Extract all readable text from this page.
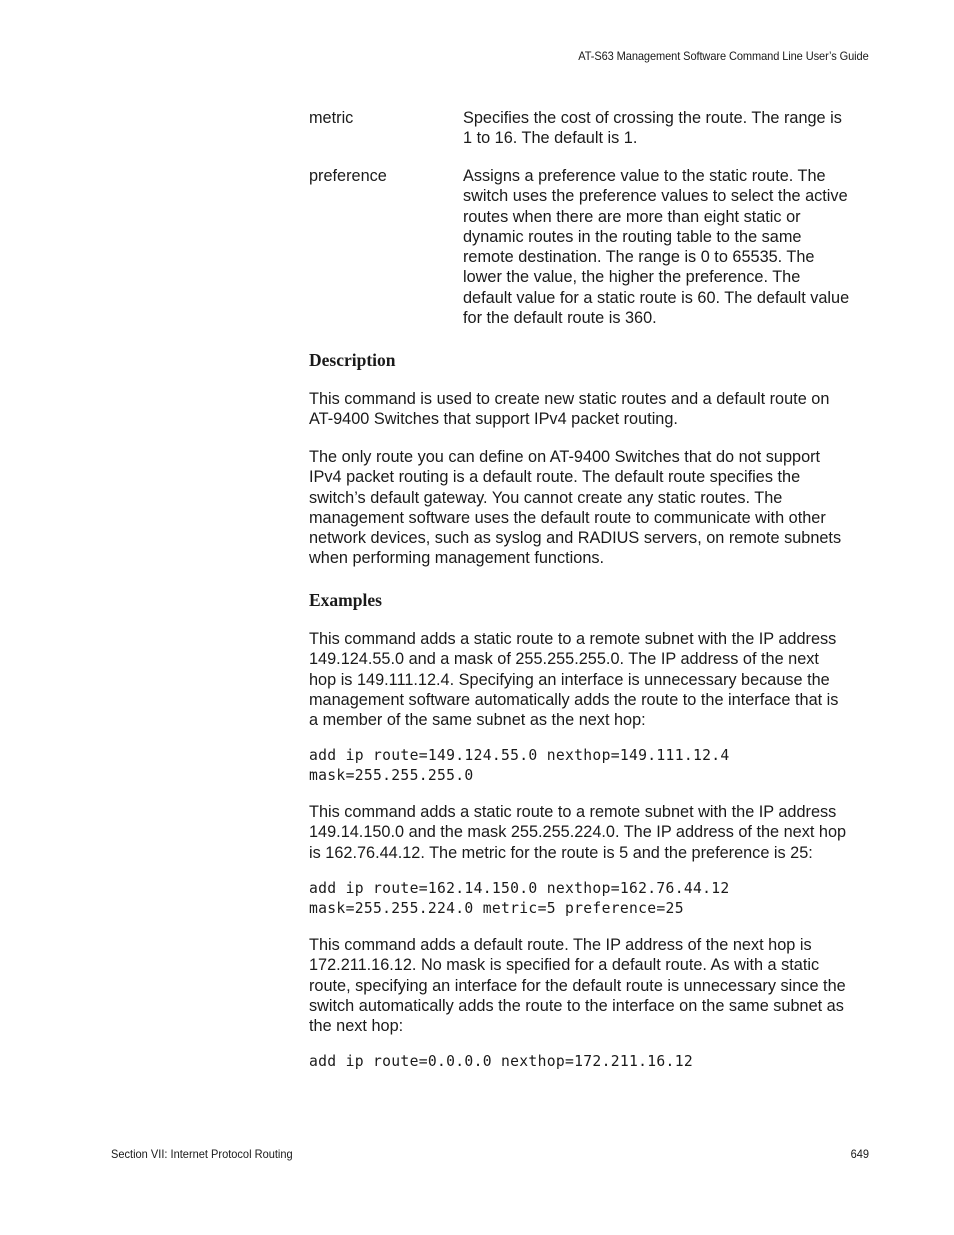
AT-S63 Management Software Command Line User’s Guide
metric	Specifies the cost of crossing the route. The range is
1 to 16. The default is 1.
preference	Assigns a preference value to the static route. The
switch uses the preference values to select the active
routes when there are more than eight static or
dynamic routes in the routing table to the same
remote destination. The range is 0 to 65535. The
lower the value, the higher the preference. The
default value for a static route is 60. The default value
for the default route is 360.
Description
This command is used to create new static routes and a default route on
AT-9400 Switches that support IPv4 packet routing.
The only route you can define on AT-9400 Switches that do not support
IPv4 packet routing is a default route. The default route specifies the
switch’s default gateway. You cannot create any static routes. The
management software uses the default route to communicate with other
network devices, such as syslog and RADIUS servers, on remote subnets
when performing management functions.
Examples
This command adds a static route to a remote subnet with the IP address
149.124.55.0 and a mask of 255.255.255.0. The IP address of the next
hop is 149.111.12.4. Specifying an interface is unnecessary because the
management software automatically adds the route to the interface that is
a member of the same subnet as the next hop:
add ip route=149.124.55.0 nexthop=149.111.12.4
mask=255.255.255.0
This command adds a static route to a remote subnet with the IP address
149.14.150.0 and the mask 255.255.224.0. The IP address of the next hop
is 162.76.44.12. The metric for the route is 5 and the preference is 25:
add ip route=162.14.150.0 nexthop=162.76.44.12
mask=255.255.224.0 metric=5 preference=25
This command adds a default route. The IP address of the next hop is
172.211.16.12. No mask is specified for a default route. As with a static
route, specifying an interface for the default route is unnecessary since the
switch automatically adds the route to the interface on the same subnet as
the next hop:
add ip route=0.0.0.0 nexthop=172.211.16.12
Section VII: Internet Protocol Routing	649
